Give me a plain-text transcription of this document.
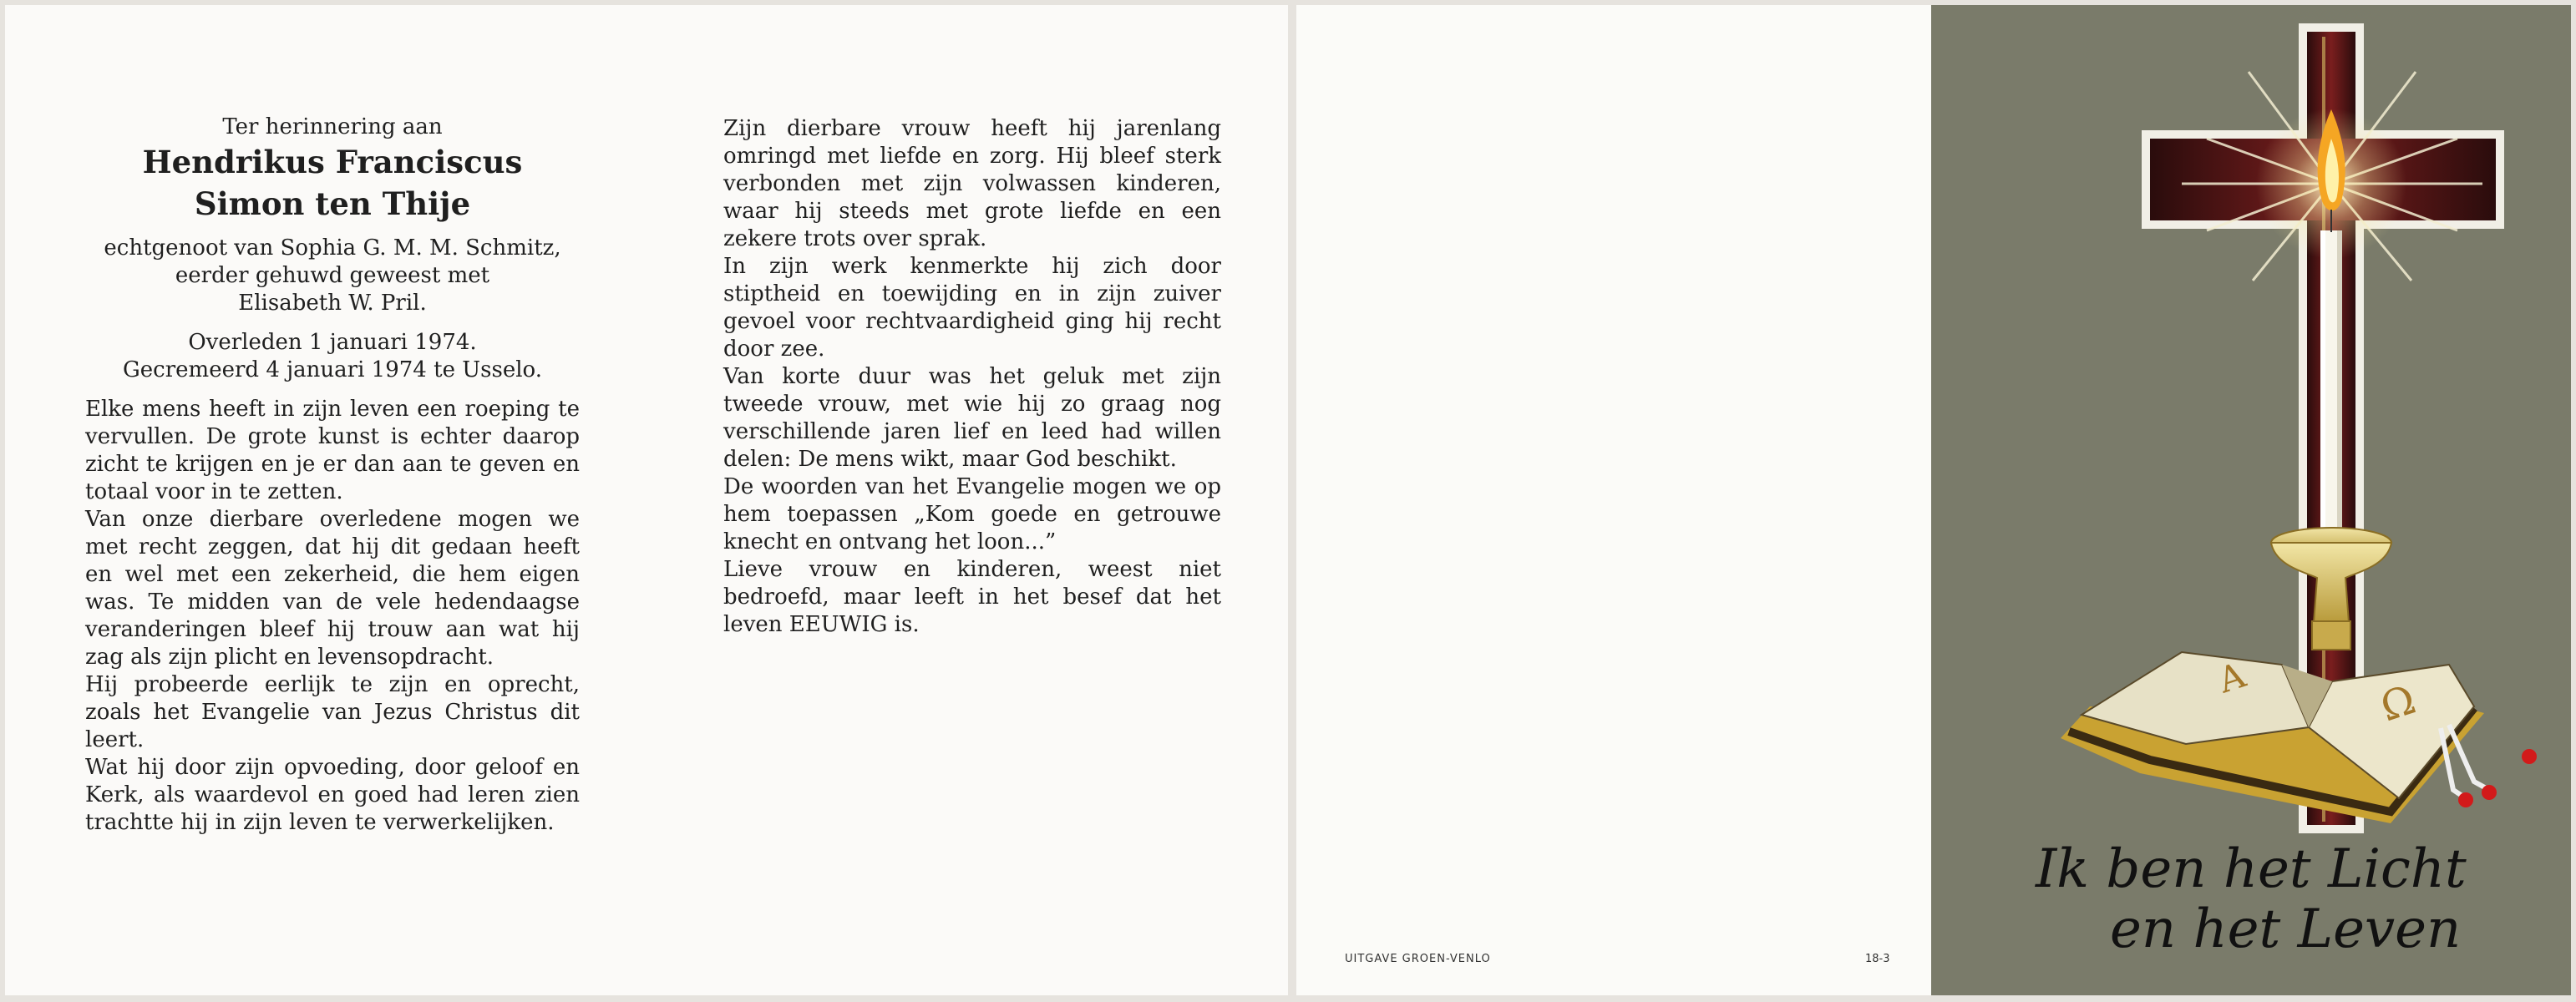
Ter herinnering aan

Hendrikus Franciscus
Simon ten Thije

echtgenoot van Sophia G. M. M. Schmitz,

eerder gehuwd geweest met

Elisabeth W. Pril.

Overleden 1 januari 1974.

Gecremeerd 4 januari 1974 te Usselo.

Elke mens heeft in zijn leven een roeping te vervullen. De grote kunst is echter daarop zicht te krijgen en je er dan aan te geven en totaal voor in te zetten.

Van onze dierbare overledene mogen we met recht zeggen, dat hij dit gedaan heeft en wel met een zekerheid, die hem eigen was. Te midden van de vele hedendaagse veranderingen bleef hij trouw aan wat hij zag als zijn plicht en levensopdracht.

Hij probeerde eerlijk te zijn en oprecht, zoals het Evangelie van Jezus Christus dit leert.

Wat hij door zijn opvoeding, door geloof en Kerk, als waardevol en goed had leren zien trachtte hij in zijn leven te verwerkelijken.

Zijn dierbare vrouw heeft hij jarenlang omringd met liefde en zorg. Hij bleef sterk verbonden met zijn volwassen kinderen, waar hij steeds met grote liefde en een zekere trots over sprak.

In zijn werk kenmerkte hij zich door stiptheid en toewijding en in zijn zuiver gevoel voor rechtvaardigheid ging hij recht door zee.

Van korte duur was het geluk met zijn tweede vrouw, met wie hij zo graag nog verschillende jaren lief en leed had willen delen: De mens wikt, maar God beschikt.

De woorden van het Evangelie mogen we op hem toepassen „Kom goede en getrouwe knecht en ontvang het loon...”

Lieve vrouw en kinderen, weest niet bedroefd, maar leeft in het besef dat het leven EEUWIG is.

UITGAVE GROEN-VENLO	18-3
Α	Ω
Ik ben het Licht
en het Leven
